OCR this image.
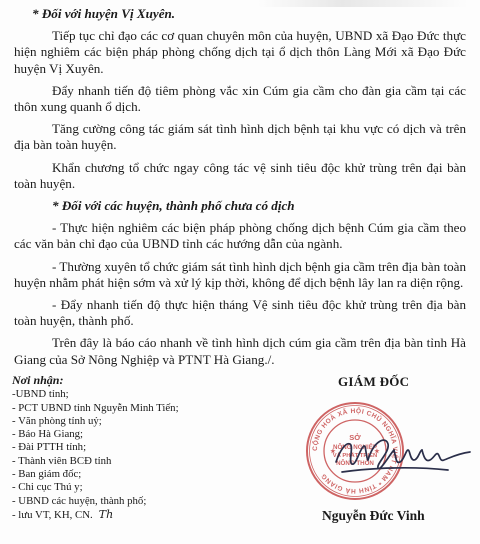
* Đối với huyện Vị Xuyên.

Tiếp tục chỉ đạo các cơ quan chuyên môn của huyện, UBND xã Đạo Đức thực hiện nghiêm các biện pháp phòng chống dịch tại ổ dịch thôn Làng Mới xã Đạo Đức huyện Vị Xuyên.

Đẩy nhanh tiến độ tiêm phòng vắc xin Cúm gia cầm cho đàn gia cầm tại các thôn xung quanh ổ dịch.

Tăng cường công tác giám sát tình hình dịch bệnh tại khu vực có dịch và trên địa bàn toàn huyện.

Khẩn chương tổ chức ngay công tác vệ sinh tiêu độc khử trùng trên đại bàn toàn huyện.

* Đối với các huyện, thành phố chưa có dịch

- Thực hiện nghiêm các biện pháp phòng chống dịch bệnh Cúm gia cầm theo các văn bản chỉ đạo của UBND tỉnh các hướng dẫn của ngành.

- Thường xuyên tổ chức giám sát tình hình dịch bệnh gia cầm trên địa bàn toàn huyện nhằm phát hiện sớm và xử lý kịp thời, không để dịch bệnh lây lan ra diện rộng.

- Đẩy nhanh tiến độ thực hiện tháng Vệ sinh tiêu độc khử trùng trên địa bàn toàn huyện, thành phố.

Trên đây là báo cáo nhanh về tình hình dịch cúm gia cầm trên địa bàn tỉnh Hà Giang của Sở Nông Nghiệp và PTNT Hà Giang./.

Nơi nhận:
-UBND tỉnh;
- PCT UBND tỉnh Nguyễn Minh Tiến;
- Văn phòng tỉnh uỷ;
- Báo Hà Giang;
- Đài PTTH tỉnh;
- Thành viên BCĐ tỉnh
- Ban giám đốc;
- Chi cục Thú y;
- UBND các huyện, thành phố;
- lưu VT, KH, CN. Th
GIÁM ĐỐC
CỘNG HOÀ XÃ HỘI CHỦ NGHĨA VIỆT NAM * TỈNH HÀ GIANG
SỞ
NÔNG NGHIỆP
VÀ PHÁT TRIỂN
NÔNG THÔN
★	★
Nguyễn Đức Vinh
